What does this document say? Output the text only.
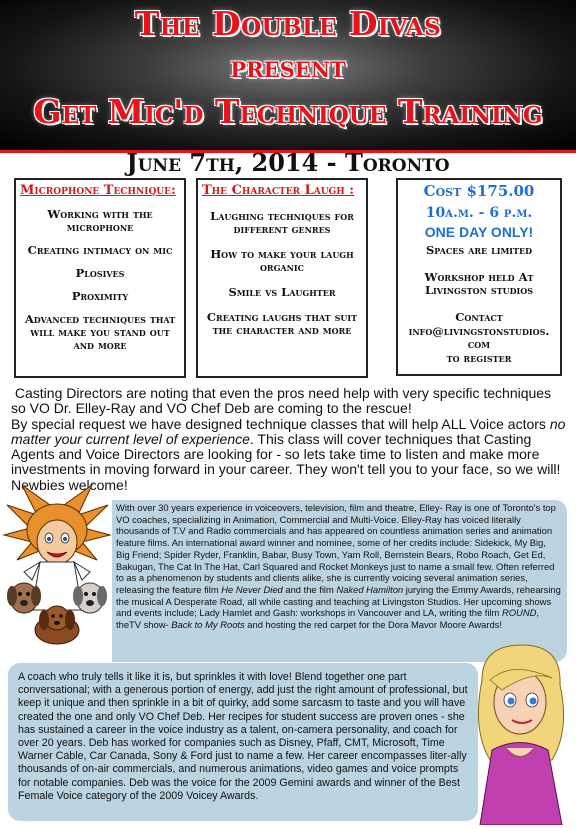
The Double Divas
present
Get Mic'd Technique Training
June 7th, 2014 - Toronto
Microphone Technique:
Working with the microphone
Creating intimacy on mic
Plosives
Proximity
Advanced techniques that will make you stand out and more
The Character Laugh :
Laughing techniques for different genres
How to make your laugh organic
Smile vs Laughter
Creating laughs that suit the character and more
Cost $175.00
10a.m. - 6 p.m.
ONE DAY ONLY!
Spaces are limited
Workshop held At Livingston studios
Contact
info@livingstonstudios. com
to register

Casting Directors are noting that even the pros need help with very specific techniques so VO Dr. Elley-Ray and VO Chef Deb are coming to the rescue!

By special request we have designed technique classes that will help ALL Voice actors no matter your current level of experience. This class will cover techniques that Casting Agents and Voice Directors are looking for - so lets take time to listen and make more investments in moving forward in your career. They won't tell you to your face, so we will! Newbies welcome!

With over 30 years experience in voiceovers, television, film and theatre, Elley- Ray is one of Toronto's top VO coaches, specializing in Animation, Commercial and Multi-Voice. Elley-Ray has voiced literally thousands of T.V and Radio commercials and has appeared on countless animation series and animation feature films. An international award winner and nominee, some of her credits include: Sidekick, My Big, Big Friend; Spider Ryder, Franklin, Babar, Busy Town, Yam Roll, Bernstein Bears, Robo Roach, Get Ed, Bakugan, The Cat In The Hat, Carl Squared and Rocket Monkeys just to name a small few. Often referred to as a phenomenon by students and clients alike, she is currently voicing several animation series, releasing the feature film He Never Died and the film Naked Hamilton jurying the Emmy Awards, rehearsing the musical A Desperate Road, all while casting and teaching at Livingston Studios. Her upcoming shows and events include; Lady Hamlet and Gash: workshops in Vancouver and LA, writing the film ROUND, theTV show- Back to My Roots and hosting the red carpet for the Dora Mavor Moore Awards!
A coach who truly tells it like it is, but sprinkles it with love! Blend together one part conversational; with a generous portion of energy, add just the right amount of professional, but keep it unique and then sprinkle in a bit of quirky, add some sarcasm to taste and you will have created the one and only VO Chef Deb. Her recipes for student success are proven ones - she has sustained a career in the voice industry as a talent, on-camera personality, and coach for over 20 years. Deb has worked for companies such as Disney, Pfaff, CMT, Microsoft, Time Warner Cable, Car Canada, Sony & Ford just to name a few. Her career encompasses liter-ally thousands of on-air commercials, and numerous animations, video games and voice prompts for notable companies. Deb was the voice for the 2009 Gemini awards and winner of the Best Female Voice category of the 2009 Voicey Awards.
